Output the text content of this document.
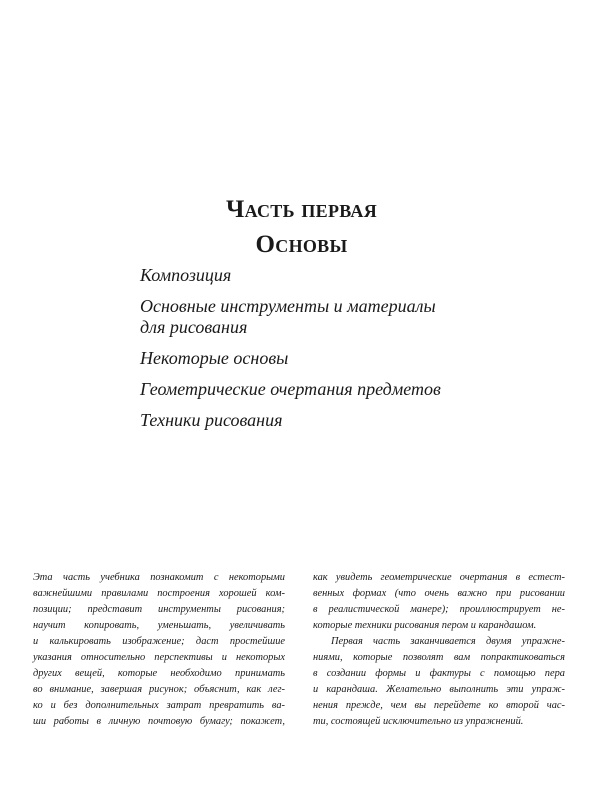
Часть первая
Основы
Композиция
Основные инструменты и материалы
для рисования
Некоторые основы
Геометрические очертания предметов
Техники рисования

Эта часть учебника познакомит с некоторыми
важнейшими правилами построения хорошей ком-
позиции; представит инструменты рисования;
научит копировать, уменьшать, увеличивать
и калькировать изображение; даст простейшие
указания относительно перспективы и некоторых
других вещей, которые необходимо принимать
во внимание, завершая рисунок; объяснит, как лег-
ко и без дополнительных затрат превратить ва-
ши работы в личную почтовую бумагу; покажет,

как увидеть геометрические очертания в естест-
венных формах (что очень важно при рисовании
в реалистической манере); проиллюстрирует не-
которые техники рисования пером и карандашом.

Первая часть заканчивается двумя упражне-
ниями, которые позволят вам попрактиковаться
в создании формы и фактуры с помощью пера
и карандаша. Желательно выполнить эти упраж-
нения прежде, чем вы перейдете ко второй час-
ти, состоящей исключительно из упражнений.
